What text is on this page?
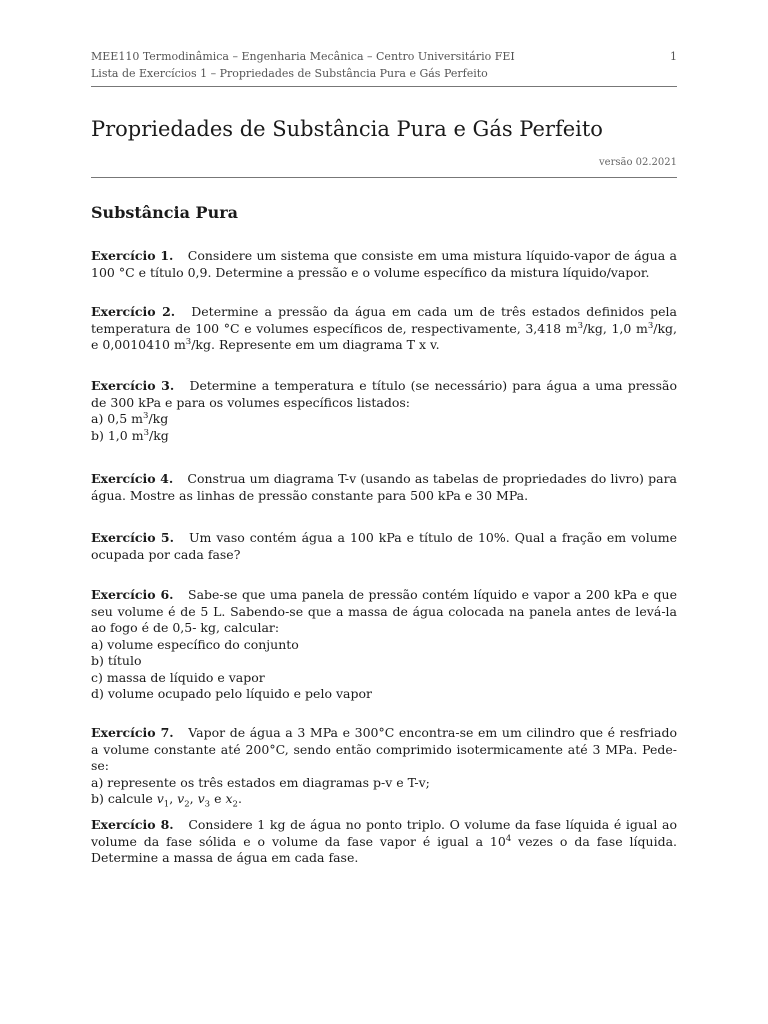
MEE110 Termodinâmica – Engenharia Mecânica – Centro Universitário FEI
Lista de Exercícios 1 – Propriedades de Substância Pura e Gás Perfeito
1
Propriedades de Substância Pura e Gás Perfeito
versão 02.2021
Substância Pura
Exercício 1. Considere um sistema que consiste em uma mistura líquido-vapor de água a 100 °C e título 0,9. Determine a pressão e o volume específico da mistura líquido/vapor.
Exercício 2. Determine a pressão da água em cada um de três estados definidos pela temperatura de 100 °C e volumes específicos de, respectivamente, 3,418 $m^3/kg$, 1,0 $m^3/kg$, e 0,0010410 $m^3/kg$. Represente em um diagrama T x v.
Exercício 3. Determine a temperatura e título (se necessário) para água a uma pressão de 300 kPa e para os volumes específicos listados:
a) 0,5 $m^3/kg$
b) 1,0 $m^3/kg$
Exercício 4. Construa um diagrama T-v (usando as tabelas de propriedades do livro) para água. Mostre as linhas de pressão constante para 500 kPa e 30 MPa.
Exercício 5. Um vaso contém água a 100 kPa e título de 10%. Qual a fração em volume ocupada por cada fase?
Exercício 6. Sabe-se que uma panela de pressão contém líquido e vapor a 200 kPa e que seu volume é de 5 L. Sabendo-se que a massa de água colocada na panela antes de levá-la ao fogo é de 0,5- kg, calcular:
a) volume específico do conjunto
b) título
c) massa de líquido e vapor
d) volume ocupado pelo líquido e pelo vapor
Exercício 7. Vapor de água a 3 MPa e 300°C encontra-se em um cilindro que é resfriado a volume constante até 200°C, sendo então comprimido isotermicamente até 3 MPa. Pede-se:
a) represente os três estados em diagramas p-v e T-v;
b) calcule $v_1$, $v_2$, $v_3$ e $x_2$.
Exercício 8. Considere 1 kg de água no ponto triplo. O volume da fase líquida é igual ao volume da fase sólida e o volume da fase vapor é igual a $10^4$ vezes o da fase líquida. Determine a massa de água em cada fase.
